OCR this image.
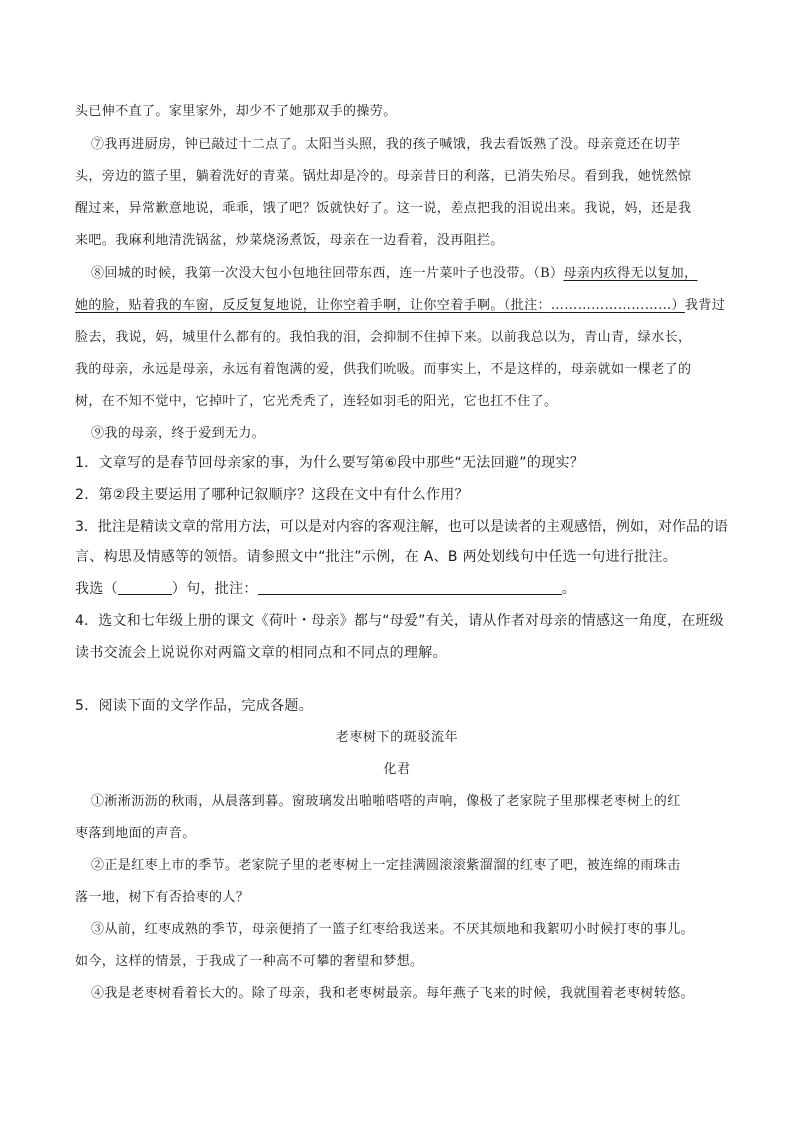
头已伸不直了。家里家外，却少不了她那双手的操劳。
⑦我再进厨房，钟已敲过十二点了。太阳当头照，我的孩子喊饿，我去看饭熟了没。母亲竟还在切芋
头，旁边的篮子里，躺着洗好的青菜。锅灶却是冷的。母亲昔日的利落，已消失殆尽。看到我，她恍然惊
醒过来，异常歉意地说，乖乖，饿了吧？饭就快好了。这一说，差点把我的泪说出来。我说，妈，还是我
来吧。我麻利地清洗锅盆，炒菜烧汤煮饭，母亲在一边看着，没再阻拦。
⑧回城的时候，我第一次没大包小包地往回带东西，连一片菜叶子也没带。（B）母亲内疚得无以复加，
她的脸，贴着我的车窗，反反复复地说，让你空着手啊，让你空着手啊。（批注：………………………）我背过
脸去，我说，妈，城里什么都有的。我怕我的泪，会抑制不住掉下来。以前我总以为，青山青，绿水长，
我的母亲，永远是母亲，永远有着饱满的爱，供我们吮吸。而事实上，不是这样的，母亲就如一棵老了的
树，在不知不觉中，它掉叶了，它光秃秃了，连轻如羽毛的阳光，它也扛不住了。
⑨我的母亲，终于爱到无力。
1．文章写的是春节回母亲家的事，为什么要写第⑥段中那些“无法回避”的现实？
2．第②段主要运用了哪种记叙顺序？这段在文中有什么作用？
3．批注是精读文章的常用方法，可以是对内容的客观注解，也可以是读者的主观感悟，例如，对作品的语
言、构思及情感等的领悟。请参照文中“批注”示例，在 A、B 两处划线句中任选一句进行批注。
我选（	）句，批注：	。
4．选文和七年级上册的课文《荷叶・母亲》都与“母爱”有关，请从作者对母亲的情感这一角度，在班级
读书交流会上说说你对两篇文章的相同点和不同点的理解。
5．阅读下面的文学作品，完成各题。
老枣树下的斑驳流年
化君
①淅淅沥沥的秋雨，从晨落到暮。窗玻璃发出啪啪嗒嗒的声响，像极了老家院子里那棵老枣树上的红
枣落到地面的声音。
②正是红枣上市的季节。老家院子里的老枣树上一定挂满圆滚滚紫溜溜的红枣了吧，被连绵的雨珠击
落一地，树下有否拾枣的人？
③从前，红枣成熟的季节，母亲便捎了一篮子红枣给我送来。不厌其烦地和我絮叨小时候打枣的事儿。
如今，这样的情景，于我成了一种高不可攀的奢望和梦想。
④我是老枣树看着长大的。除了母亲，我和老枣树最亲。每年燕子飞来的时候，我就围着老枣树转悠。
